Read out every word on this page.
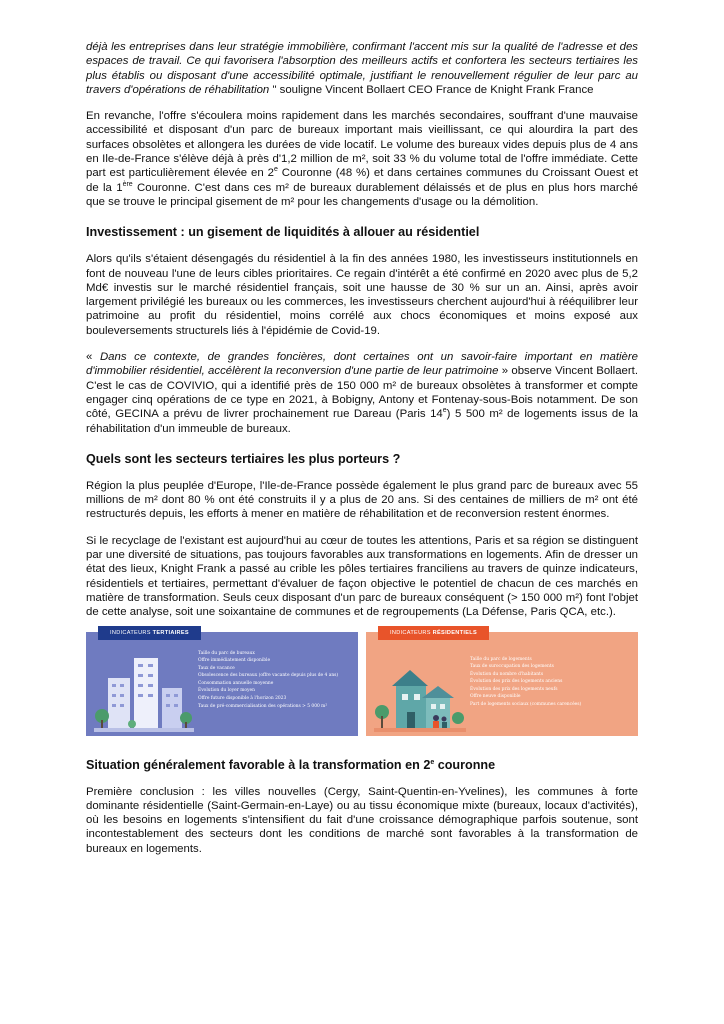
déjà les entreprises dans leur stratégie immobilière, confirmant l'accent mis sur la qualité de l'adresse et des espaces de travail. Ce qui favorisera l'absorption des meilleurs actifs et confortera les secteurs tertiaires les plus établis ou disposant d'une accessibilité optimale, justifiant le renouvellement régulier de leur parc au travers d'opérations de réhabilitation " souligne Vincent Bollaert CEO France de Knight Frank France

En revanche, l'offre s'écoulera moins rapidement dans les marchés secondaires, souffrant d'une mauvaise accessibilité et disposant d'un parc de bureaux important mais vieillissant, ce qui alourdira la part des surfaces obsolètes et allongera les durées de vide locatif. Le volume des bureaux vides depuis plus de 4 ans en Ile-de-France s'élève déjà à près d'1,2 million de m², soit 33 % du volume total de l'offre immédiate. Cette part est particulièrement élevée en 2e Couronne (48 %) et dans certaines communes du Croissant Ouest et de la 1ère Couronne. C'est dans ces m² de bureaux durablement délaissés et de plus en plus hors marché que se trouve le principal gisement de m² pour les changements d'usage ou la démolition.

Investissement : un gisement de liquidités à allouer au résidentiel

Alors qu'ils s'étaient désengagés du résidentiel à la fin des années 1980, les investisseurs institutionnels en font de nouveau l'une de leurs cibles prioritaires. Ce regain d'intérêt a été confirmé en 2020 avec plus de 5,2 Md€ investis sur le marché résidentiel français, soit une hausse de 30 % sur un an. Ainsi, après avoir largement privilégié les bureaux ou les commerces, les investisseurs cherchent aujourd'hui à rééquilibrer leur patrimoine au profit du résidentiel, moins corrélé aux chocs économiques et moins exposé aux bouleversements structurels liés à l'épidémie de Covid-19.

« Dans ce contexte, de grandes foncières, dont certaines ont un savoir-faire important en matière d'immobilier résidentiel, accélèrent la reconversion d'une partie de leur patrimoine » observe Vincent Bollaert. C'est le cas de COVIVIO, qui a identifié près de 150 000 m² de bureaux obsolètes à transformer et compte engager cinq opérations de ce type en 2021, à Bobigny, Antony et Fontenay-sous-Bois notamment. De son côté, GECINA a prévu de livrer prochainement rue Dareau (Paris 14e) 5 500 m² de logements issus de la réhabilitation d'un immeuble de bureaux.

Quels sont les secteurs tertiaires les plus porteurs ?

Région la plus peuplée d'Europe, l'Ile-de-France possède également le plus grand parc de bureaux avec 55 millions de m² dont 80 % ont été construits il y a plus de 20 ans. Si des centaines de milliers de m² ont été restructurés depuis, les efforts à mener en matière de réhabilitation et de reconversion restent énormes.

Si le recyclage de l'existant est aujourd'hui au cœur de toutes les attentions, Paris et sa région se distinguent par une diversité de situations, pas toujours favorables aux transformations en logements. Afin de dresser un état des lieux, Knight Frank a passé au crible les pôles tertiaires franciliens au travers de quinze indicateurs, résidentiels et tertiaires, permettant d'évaluer de façon objective le potentiel de chacun de ces marchés en matière de transformation. Seuls ceux disposant d'un parc de bureaux conséquent (> 150 000 m²) font l'objet de cette analyse, soit une soixantaine de communes et de regroupements (La Défense, Paris QCA, etc.).

INDICATEURS TERTIAIRES
Taille du parc de bureaux
Offre immédiatement disponible
Taux de vacance
Obsolescence des bureaux (offre vacante depuis plus de 4 ans)
Consommation annuelle moyenne
Évolution du loyer moyen
Offre future disponible à l'horizon 2023
Taux de pré-commercialisation des opérations > 5 000 m²
INDICATEURS RÉSIDENTIELS
Taille du parc de logements
Taux de suroccupation des logements
Évolution du nombre d'habitants
Évolution des prix des logements anciens
Évolution des prix des logements neufs
Offre neuve disponible
Part de logements sociaux (communes carencées)
Situation généralement favorable à la transformation en 2e couronne

Première conclusion : les villes nouvelles (Cergy, Saint-Quentin-en-Yvelines), les communes à forte dominante résidentielle (Saint-Germain-en-Laye) ou au tissu économique mixte (bureaux, locaux d'activités), où les besoins en logements s'intensifient du fait d'une croissance démographique parfois soutenue, sont incontestablement des secteurs dont les conditions de marché sont favorables à la transformation de bureaux en logements.
